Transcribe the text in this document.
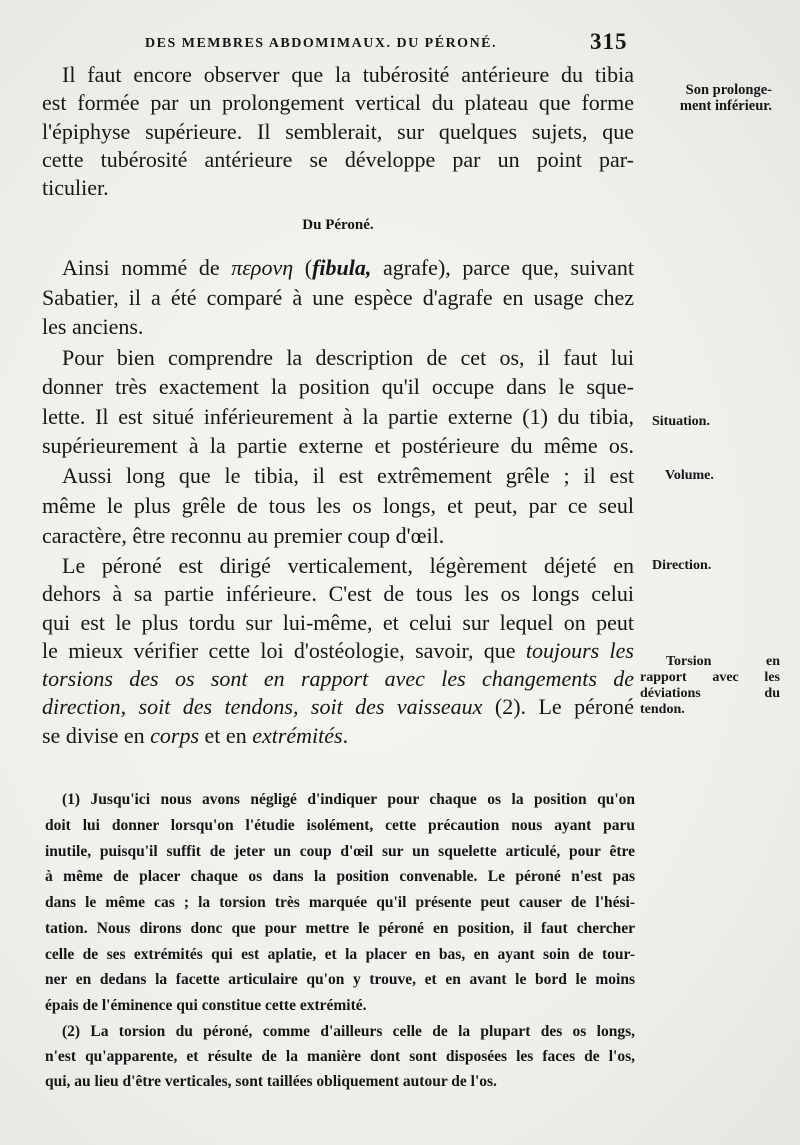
DES MEMBRES ABDOMIMAUX. DU PÉRONÉ.	315
Il faut encore observer que la tubérosité antérieure du tibia
est formée par un prolongement vertical du plateau que forme
l'épiphyse supérieure. Il semblerait, sur quelques sujets, que
cette tubérosité antérieure se développe par un point par-
ticulier.
Son prolonge-
ment inférieur.
Du Péroné.
Ainsi nommé de περονη (fibula, agrafe), parce que, suivant
Sabatier, il a été comparé à une espèce d'agrafe en usage chez
les anciens.
Pour bien comprendre la description de cet os, il faut lui
donner très exactement la position qu'il occupe dans le sque-
lette. Il est situé inférieurement à la partie externe (1) du tibia,
supérieurement à la partie externe et postérieure du même os.
Situation.
Aussi long que le tibia, il est extrêmement grêle ; il est
même le plus grêle de tous les os longs, et peut, par ce seul
caractère, être reconnu au premier coup d'œil.
Volume.
Le péroné est dirigé verticalement, légèrement déjeté en
dehors à sa partie inférieure. C'est de tous les os longs celui
qui est le plus tordu sur lui-même, et celui sur lequel on peut
le mieux vérifier cette loi d'ostéologie, savoir, que toujours les
torsions des os sont en rapport avec les changements de
direction, soit des tendons, soit des vaisseaux (2). Le péroné
se divise en corps et en extrémités.
Direction.
Torsion en
rapport avec les
déviations du
tendon.
(1) Jusqu'ici nous avons négligé d'indiquer pour chaque os la position qu'on
doit lui donner lorsqu'on l'étudie isolément, cette précaution nous ayant paru
inutile, puisqu'il suffit de jeter un coup d'œil sur un squelette articulé, pour être
à même de placer chaque os dans la position convenable. Le péroné n'est pas
dans le même cas ; la torsion très marquée qu'il présente peut causer de l'hési-
tation. Nous dirons donc que pour mettre le péroné en position, il faut chercher
celle de ses extrémités qui est aplatie, et la placer en bas, en ayant soin de tour-
ner en dedans la facette articulaire qu'on y trouve, et en avant le bord le moins
épais de l'éminence qui constitue cette extrémité.
(2) La torsion du péroné, comme d'ailleurs celle de la plupart des os longs,
n'est qu'apparente, et résulte de la manière dont sont disposées les faces de l'os,
qui, au lieu d'être verticales, sont taillées obliquement autour de l'os.
